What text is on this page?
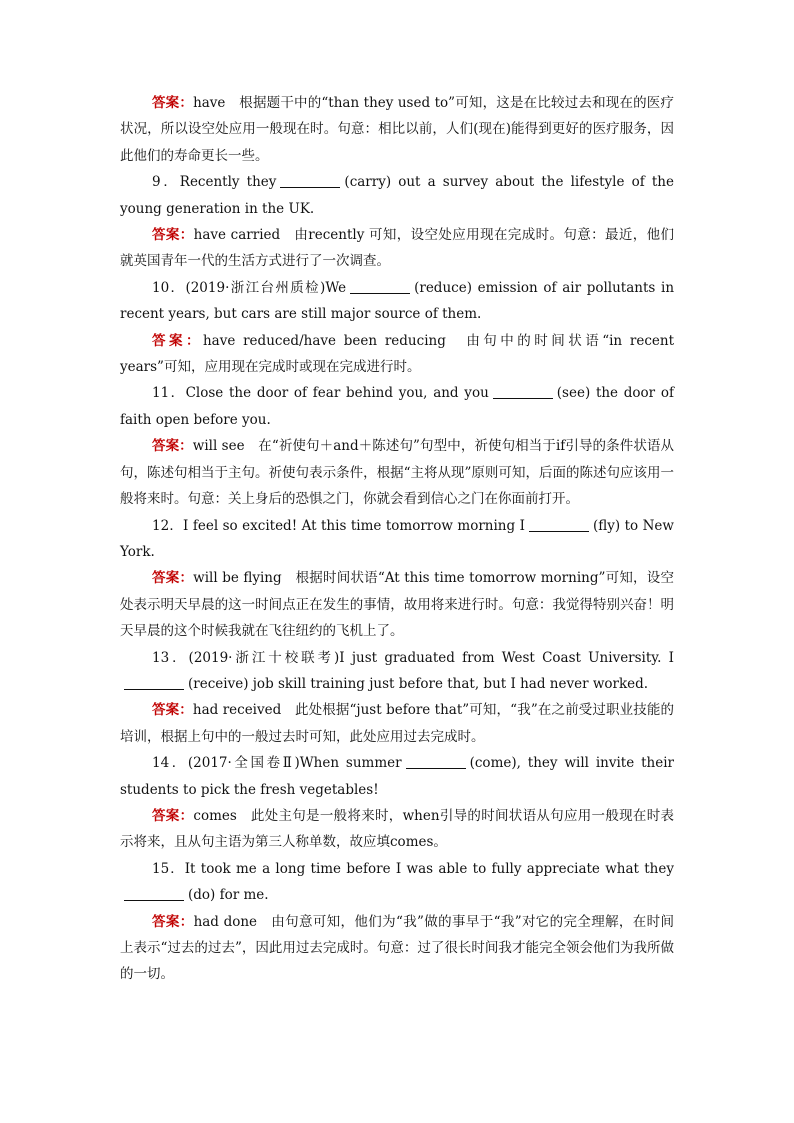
答案：have　根据题干中的“than they used to”可知，这是在比较过去和现在的医疗状况，所以设空处应用一般现在时。句意：相比以前，人们(现在)能得到更好的医疗服务，因此他们的寿命更长一些。

9．Recently they	(carry) out a survey about the lifestyle of the young generation in the UK.

答案：have carried　由recently 可知，设空处应用现在完成时。句意：最近，他们就英国青年一代的生活方式进行了一次调查。

10．(2019·浙江台州质检)We	(reduce) emission of air pollutants in recent years, but cars are still major source of them.

答案：have reduced/have been reducing　由句中的时间状语“in recent years”可知，应用现在完成时或现在完成进行时。

11．Close the door of fear behind you, and you	(see) the door of faith open before you.

答案：will see　在“祈使句＋and＋陈述句”句型中，祈使句相当于if引导的条件状语从句，陈述句相当于主句。祈使句表示条件，根据“主将从现”原则可知，后面的陈述句应该用一般将来时。句意：关上身后的恐惧之门，你就会看到信心之门在你面前打开。

12．I feel so excited! At this time tomorrow morning I	(fly) to New York.

答案：will be flying　根据时间状语“At this time tomorrow morning”可知，设空处表示明天早晨的这一时间点正在发生的事情，故用将来进行时。句意：我觉得特别兴奋！明天早晨的这个时候我就在飞往纽约的飞机上了。

13．(2019·浙江十校联考)I just graduated from West Coast University. I(receive) job skill training just before that, but I had never worked.

答案：had received　此处根据“just before that”可知，“我”在之前受过职业技能的培训，根据上句中的一般过去时可知，此处应用过去完成时。

14．(2017·全国卷Ⅱ)When summer	(come), they will invite their students to pick the fresh vegetables!

答案：comes　此处主句是一般将来时，when引导的时间状语从句应用一般现在时表示将来，且从句主语为第三人称单数，故应填comes。

15．It took me a long time before I was able to fully appreciate what they(do) for me.

答案：had done　由句意可知，他们为“我”做的事早于“我”对它的完全理解，在时间上表示“过去的过去”，因此用过去完成时。句意：过了很长时间我才能完全领会他们为我所做的一切。
